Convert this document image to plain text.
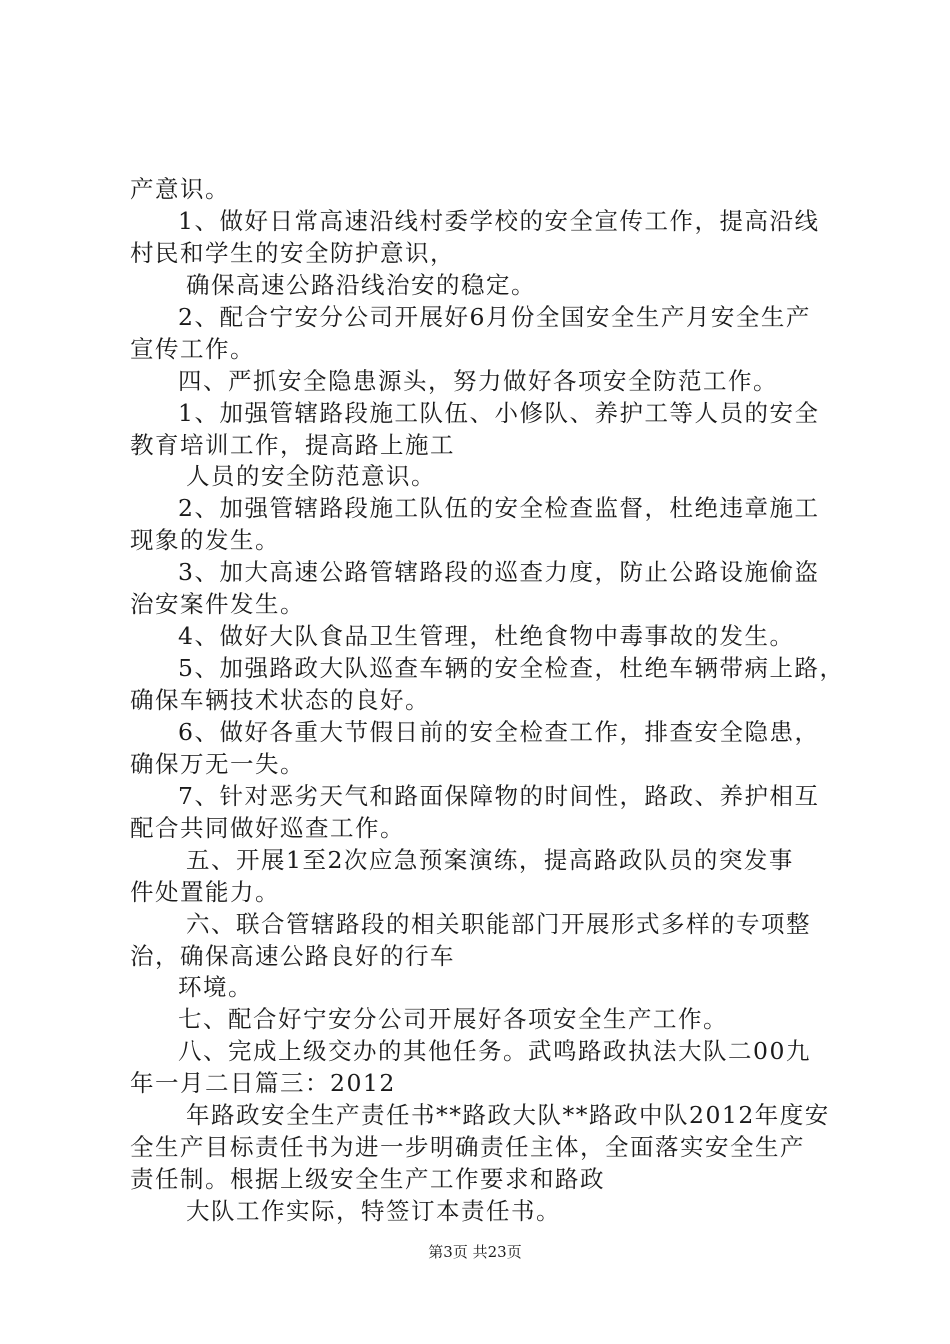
产意识。
1、做好日常高速沿线村委学校的安全宣传工作，提高沿线
村民和学生的安全防护意识，
确保高速公路沿线治安的稳定。
2、配合宁安分公司开展好6月份全国安全生产月安全生产
宣传工作。
四、严抓安全隐患源头，努力做好各项安全防范工作。
1、加强管辖路段施工队伍、小修队、养护工等人员的安全
教育培训工作，提高路上施工
人员的安全防范意识。
2、加强管辖路段施工队伍的安全检查监督，杜绝违章施工
现象的发生。
3、加大高速公路管辖路段的巡查力度，防止公路设施偷盗
治安案件发生。
4、做好大队食品卫生管理，杜绝食物中毒事故的发生。
5、加强路政大队巡查车辆的安全检查，杜绝车辆带病上路，
确保车辆技术状态的良好。
6、做好各重大节假日前的安全检查工作，排查安全隐患，
确保万无一失。
7、针对恶劣天气和路面保障物的时间性，路政、养护相互
配合共同做好巡查工作。
五、开展1至2次应急预案演练，提高路政队员的突发事
件处置能力。
六、联合管辖路段的相关职能部门开展形式多样的专项整
治，确保高速公路良好的行车
环境。
七、配合好宁安分公司开展好各项安全生产工作。
八、完成上级交办的其他任务。武鸣路政执法大队二00九
年一月二日篇三：2012
年路政安全生产责任书**路政大队**路政中队2012年度安
全生产目标责任书为进一步明确责任主体，全面落实安全生产
责任制。根据上级安全生产工作要求和路政
大队工作实际，特签订本责任书。
第3页 共23页
